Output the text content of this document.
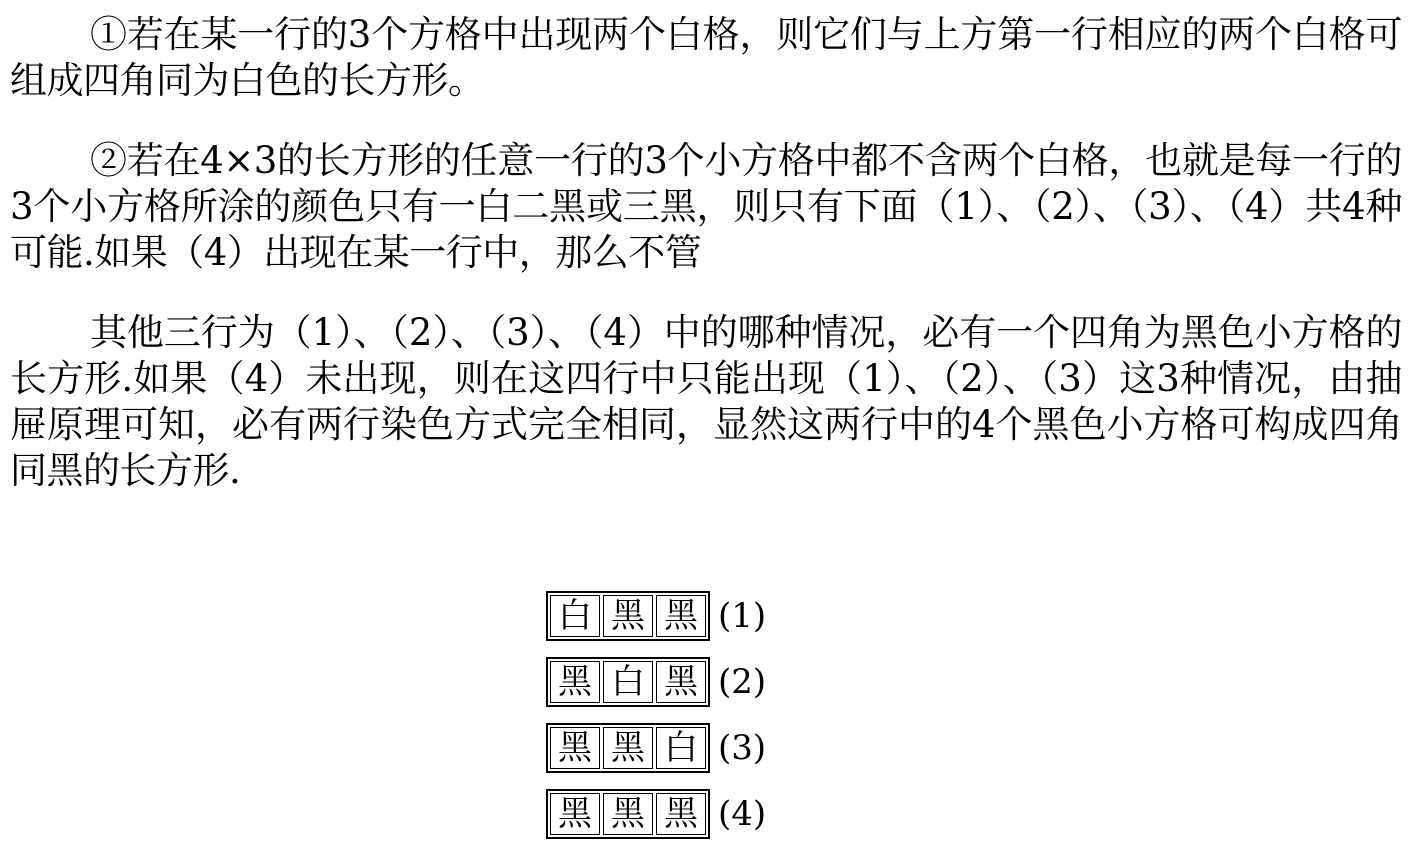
①若在某一行的3个方格中出现两个白格，则它们与上方第一行相应的两个白格可组成四角同为白色的长方形。

②若在4×3的长方形的任意一行的3个小方格中都不含两个白格，也就是每一行的3个小方格所涂的颜色只有一白二黑或三黑，则只有下面（1）、（2）、（3）、（4）共4种可能.如果（4）出现在某一行中，那么不管

其他三行为（1）、（2）、（3）、（4）中的哪种情况，必有一个四角为黑色小方格的长方形.如果（4）未出现，则在这四行中只能出现（1）、（2）、（3）这3种情况，由抽屉原理可知，必有两行染色方式完全相同，显然这两行中的4个黑色小方格可构成四角同黑的长方形.

白 黑 黑 (1)
黑 白 黑 (2)
黑 黑 白 (3)
黑 黑 黑 (4)
